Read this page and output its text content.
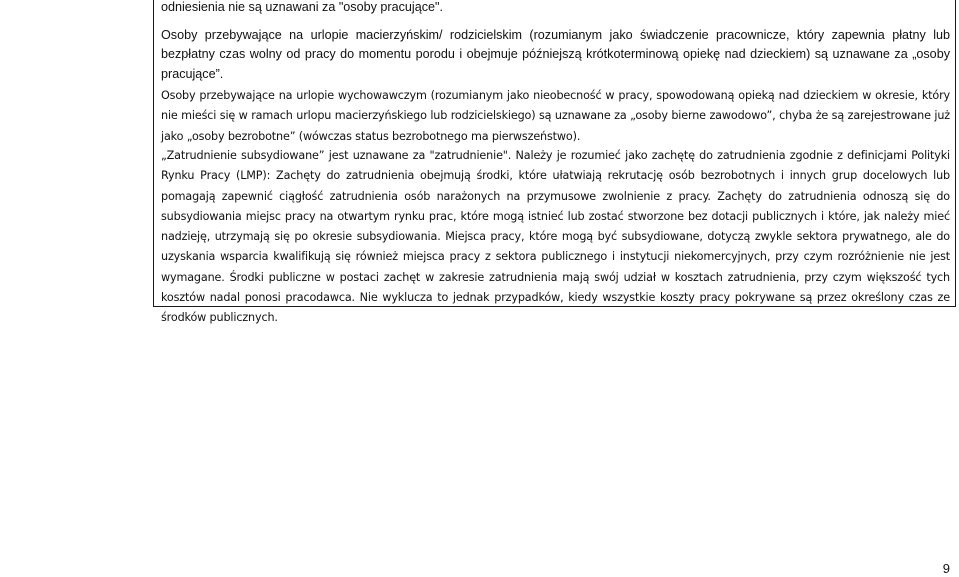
odniesienia nie są uznawani za "osoby pracujące".

Osoby przebywające na urlopie macierzyńskim/ rodzicielskim (rozumianym jako świadczenie pracownicze, który zapewnia płatny lub bezpłatny czas wolny od pracy do momentu porodu i obejmuje późniejszą krótkoterminową opiekę nad dzieckiem) są uznawane za „osoby pracujące”.

Osoby przebywające na urlopie wychowawczym (rozumianym jako nieobecność w pracy, spowodowaną opieką nad dzieckiem w okresie, który nie mieści się w ramach urlopu macierzyńskiego lub rodzicielskiego) są uznawane za „osoby bierne zawodowo”, chyba że są zarejestrowane już jako „osoby bezrobotne” (wówczas status bezrobotnego ma pierwszeństwo).

„Zatrudnienie subsydiowane” jest uznawane za "zatrudnienie". Należy je rozumieć jako zachętę do zatrudnienia zgodnie z definicjami Polityki Rynku Pracy (LMP): Zachęty do zatrudnienia obejmują środki, które ułatwiają rekrutację osób bezrobotnych i innych grup docelowych lub pomagają zapewnić ciągłość zatrudnienia osób narażonych na przymusowe zwolnienie z pracy. Zachęty do zatrudnienia odnoszą się do subsydiowania miejsc pracy na otwartym rynku prac, które mogą istnieć lub zostać stworzone bez dotacji publicznych i które, jak należy mieć nadzieję, utrzymają się po okresie subsydiowania. Miejsca pracy, które mogą być subsydiowane, dotyczą zwykle sektora prywatnego, ale do uzyskania wsparcia kwalifikują się również miejsca pracy z sektora publicznego i instytucji niekomercyjnych, przy czym rozróżnienie nie jest wymagane. Środki publiczne w postaci zachęt w zakresie zatrudnienia mają swój udział w kosztach zatrudnienia, przy czym większość tych kosztów nadal ponosi pracodawca. Nie wyklucza to jednak przypadków, kiedy wszystkie koszty pracy pokrywane są przez określony czas ze środków publicznych.

9
